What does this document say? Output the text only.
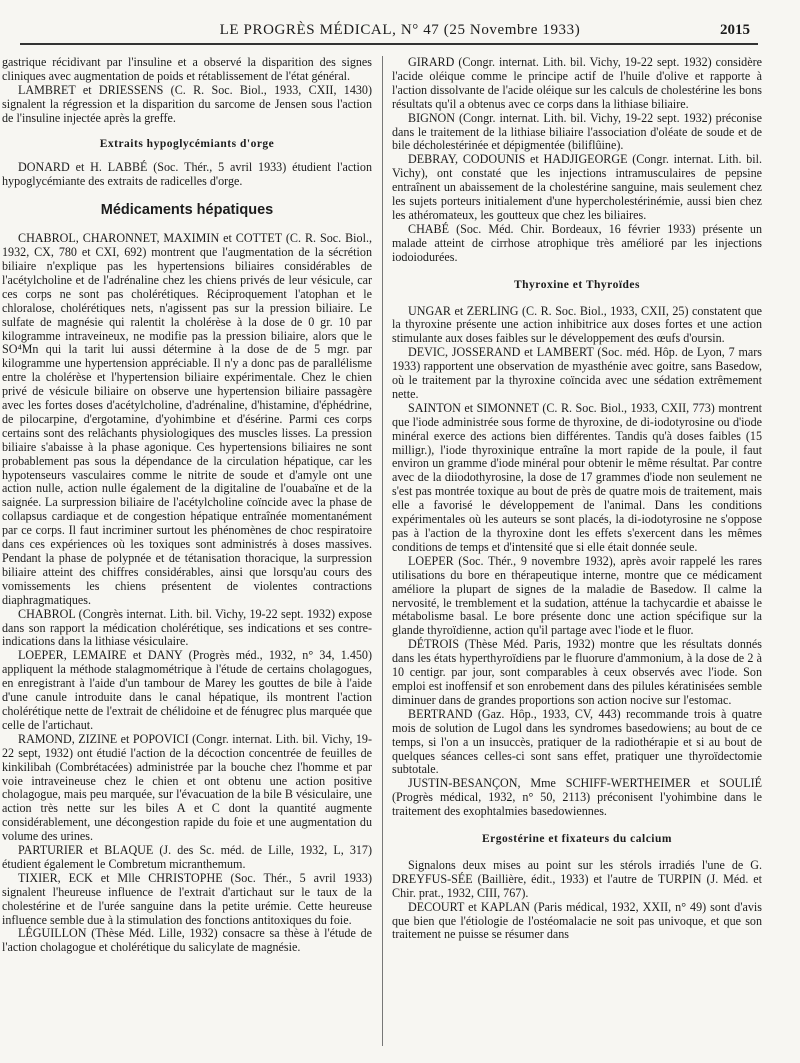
LE PROGRÈS MÉDICAL, N° 47 (25 Novembre 1933)	2015

gastrique récidivant par l'insuline et a observé la disparition des signes cliniques avec augmentation de poids et rétablissement de l'état général.

LAMBRET et DRIESSENS (C. R. Soc. Biol., 1933, CXII, 1430) signalent la régression et la disparition du sarcome de Jensen sous l'action de l'insuline injectée après la greffe.

Extraits hypoglycémiants d'orge

DONARD et H. LABBÉ (Soc. Thér., 5 avril 1933) étudient l'action hypoglycémiante des extraits de radicelles d'orge.

Médicaments hépatiques

CHABROL, CHARONNET, MAXIMIN et COTTET (C. R. Soc. Biol., 1932, CX, 780 et CXI, 692) montrent que l'augmentation de la sécrétion biliaire n'explique pas les hypertensions biliaires considérables de l'acétylcholine et de l'adrénaline chez les chiens privés de leur vésicule, car ces corps ne sont pas cholérétiques. Réciproquement l'atophan et le chloralose, cholérétiques nets, n'agissent pas sur la pression biliaire. Le sulfate de magnésie qui ralentit la cholérèse à la dose de 0 gr. 10 par kilogramme intraveineux, ne modifie pas la pression biliaire, alors que le SO⁴Mn qui la tarit lui aussi détermine à la dose de de 5 mgr. par kilogramme une hypertension appréciable. Il n'y a donc pas de parallélisme entre la cholérèse et l'hypertension biliaire expérimentale. Chez le chien privé de vésicule biliaire on observe une hypertension biliaire passagère avec les fortes doses d'acétylcholine, d'adrénaline, d'histamine, d'éphédrine, de pilocarpine, d'ergotamine, d'yohimbine et d'ésérine. Parmi ces corps certains sont des relâchants physiologiques des muscles lisses. La pression biliaire s'abaisse à la phase agonique. Ces hypertensions biliaires ne sont probablement pas sous la dépendance de la circulation hépatique, car les hypotenseurs vasculaires comme le nitrite de soude et d'amyle ont une action nulle, action nulle également de la digitaline de l'ouabaïne et de la saignée. La surpression biliaire de l'acétylcholine coïncide avec la phase de collapsus cardiaque et de congestion hépatique entraînée momentanément par ce corps. Il faut incriminer surtout les phénomènes de choc respiratoire dans ces expériences où les toxiques sont administrés à doses massives. Pendant la phase de polypnée et de tétanisation thoracique, la surpression biliaire atteint des chiffres considérables, ainsi que lorsqu'au cours des vomissements les chiens présentent de violentes contractions diaphragmatiques.

CHABROL (Congrès internat. Lith. bil. Vichy, 19-22 sept. 1932) expose dans son rapport la médication cholérétique, ses indications et ses contre-indications dans la lithiase vésiculaire.

LOEPER, LEMAIRE et DANY (Progrès méd., 1932, n° 34, 1.450) appliquent la méthode stalagmométrique à l'étude de certains cholagogues, en enregistrant à l'aide d'un tambour de Marey les gouttes de bile à l'aide d'une canule introduite dans le canal hépatique, ils montrent l'action cholérétique nette de l'extrait de chélidoine et de fénugrec plus marquée que celle de l'artichaut.

RAMOND, ZIZINE et POPOVICI (Congr. internat. Lith. bil. Vichy, 19-22 sept, 1932) ont étudié l'action de la décoction concentrée de feuilles de kinkilibah (Combrétacées) administrée par la bouche chez l'homme et par voie intraveineuse chez le chien et ont obtenu une action positive cholagogue, mais peu marquée, sur l'évacuation de la bile B vésiculaire, une action très nette sur les biles A et C dont la quantité augmente considérablement, une décongestion rapide du foie et une augmentation du volume des urines.

PARTURIER et BLAQUE (J. des Sc. méd. de Lille, 1932, L, 317) étudient également le Combretum micranthemum.

TIXIER, ECK et Mlle CHRISTOPHE (Soc. Thér., 5 avril 1933) signalent l'heureuse influence de l'extrait d'artichaut sur le taux de la cholestérine et de l'urée sanguine dans la petite urémie. Cette heureuse influence semble due à la stimulation des fonctions antitoxiques du foie.

LÉGUILLON (Thèse Méd. Lille, 1932) consacre sa thèse à l'étude de l'action cholagogue et cholérétique du salicylate de magnésie.

GIRARD (Congr. internat. Lith. bil. Vichy, 19-22 sept. 1932) considère l'acide oléique comme le principe actif de l'huile d'olive et rapporte à l'action dissolvante de l'acide oléique sur les calculs de cholestérine les bons résultats qu'il a obtenus avec ce corps dans la lithiase biliaire.

BIGNON (Congr. internat. Lith. bil. Vichy, 19-22 sept. 1932) préconise dans le traitement de la lithiase biliaire l'association d'oléate de soude et de bile décholestérinée et dépigmentée (biliflûine).

DEBRAY, CODOUNIS et HADJIGEORGE (Congr. internat. Lith. bil. Vichy), ont constaté que les injections intramusculaires de pepsine entraînent un abaissement de la cholestérine sanguine, mais seulement chez les sujets porteurs initialement d'une hypercholestérinémie, aussi bien chez les athéromateux, les goutteux que chez les biliaires.

CHABÉ (Soc. Méd. Chir. Bordeaux, 16 février 1933) présente un malade atteint de cirrhose atrophique très amélioré par les injections iodoiodurées.

Thyroxine et Thyroïdes

UNGAR et ZERLING (C. R. Soc. Biol., 1933, CXII, 25) constatent que la thyroxine présente une action inhibitrice aux doses fortes et une action stimulante aux doses faibles sur le développement des œufs d'oursin.

DEVIC, JOSSERAND et LAMBERT (Soc. méd. Hôp. de Lyon, 7 mars 1933) rapportent une observation de myasthénie avec goitre, sans Basedow, où le traitement par la thyroxine coïncida avec une sédation extrêmement nette.

SAINTON et SIMONNET (C. R. Soc. Biol., 1933, CXII, 773) montrent que l'iode administrée sous forme de thyroxine, de di-iodotyrosine ou d'iode minéral exerce des actions bien différentes. Tandis qu'à doses faibles (15 milligr.), l'iode thyroxinique entraîne la mort rapide de la poule, il faut environ un gramme d'iode minéral pour obtenir le même résultat. Par contre avec de la diiodothyrosine, la dose de 17 grammes d'iode non seulement ne s'est pas montrée toxique au bout de près de quatre mois de traitement, mais elle a favorisé le développement de l'animal. Dans les conditions expérimentales où les auteurs se sont placés, la di-iodotyrosine ne s'oppose pas à l'action de la thyroxine dont les effets s'exercent dans les mêmes conditions de temps et d'intensité que si elle était donnée seule.

LOEPER (Soc. Thér., 9 novembre 1932), après avoir rappelé les rares utilisations du bore en thérapeutique interne, montre que ce médicament améliore la plupart de signes de la maladie de Basedow. Il calme la nervosité, le tremblement et la sudation, atténue la tachycardie et abaisse le métabolisme basal. Le bore présente donc une action spécifique sur la glande thyroïdienne, action qu'il partage avec l'iode et le fluor.

DÉTROIS (Thèse Méd. Paris, 1932) montre que les résultats donnés dans les états hyperthyroïdiens par le fluorure d'ammonium, à la dose de 2 à 10 centigr. par jour, sont comparables à ceux observés avec l'iode. Son emploi est inoffensif et son enrobement dans des pilules kératinisées semble diminuer dans de grandes proportions son action nocive sur l'estomac.

BERTRAND (Gaz. Hôp., 1933, CV, 443) recommande trois à quatre mois de solution de Lugol dans les syndromes basedowiens; au bout de ce temps, si l'on a un insuccès, pratiquer de la radiothérapie et si au bout de quelques séances celles-ci sont sans effet, pratiquer une thyroïdectomie subtotale.

JUSTIN-BESANÇON, Mme SCHIFF-WERTHEIMER et SOULIÉ (Progrès médical, 1932, n° 50, 2113) préconisent l'yohimbine dans le traitement des exophtalmies basedowiennes.

Ergostérine et fixateurs du calcium

Signalons deux mises au point sur les stérols irradiés l'une de G. DREYFUS-SÉE (Baillière, édit., 1933) et l'autre de TURPIN (J. Méd. et Chir. prat., 1932, CIII, 767).

DECOURT et KAPLAN (Paris médical, 1932, XXII, n° 49) sont d'avis que bien que l'étiologie de l'ostéomalacie ne soit pas univoque, et que son traitement ne puisse se résumer dans
